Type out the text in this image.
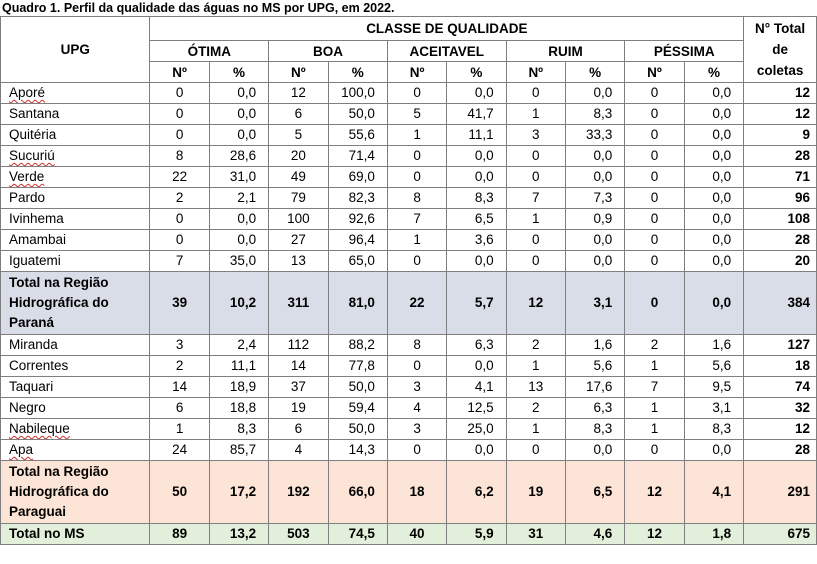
Quadro 1. Perfil da qualidade das águas no MS por UPG, em 2022.
UPG	CLASSE DE QUALIDADE										N° Total
de
coletas
	ÓTIMA		BOA		ACEITAVEL		RUIM		PÉSSIMA		
	Nº	%	Nº	%	Nº	%	Nº	%	Nº	%	
Aporé	0	0,0	12	100,0	0	0,0	0	0,0	0	0,0	12
Santana	0	0,0	6	50,0	5	41,7	1	8,3	0	0,0	12
Quitéria	0	0,0	5	55,6	1	11,1	3	33,3	0	0,0	9
Sucuriú	8	28,6	20	71,4	0	0,0	0	0,0	0	0,0	28
Verde	22	31,0	49	69,0	0	0,0	0	0,0	0	0,0	71
Pardo	2	2,1	79	82,3	8	8,3	7	7,3	0	0,0	96
Ivinhema	0	0,0	100	92,6	7	6,5	1	0,9	0	0,0	108
Amambai	0	0,0	27	96,4	1	3,6	0	0,0	0	0,0	28
Iguatemi	7	35,0	13	65,0	0	0,0	0	0,0	0	0,0	20
Total na Região Hidrográfica do Paraná	39	10,2	311	81,0	22	5,7	12	3,1	0	0,0	384
Miranda	3	2,4	112	88,2	8	6,3	2	1,6	2	1,6	127
Correntes	2	11,1	14	77,8	0	0,0	1	5,6	1	5,6	18
Taquari	14	18,9	37	50,0	3	4,1	13	17,6	7	9,5	74
Negro	6	18,8	19	59,4	4	12,5	2	6,3	1	3,1	32
Nabileque	1	8,3	6	50,0	3	25,0	1	8,3	1	8,3	12
Apa	24	85,7	4	14,3	0	0,0	0	0,0	0	0,0	28
Total na Região Hidrográfica do Paraguai	50	17,2	192	66,0	18	6,2	19	6,5	12	4,1	291
Total no MS	89	13,2	503	74,5	40	5,9	31	4,6	12	1,8	675
